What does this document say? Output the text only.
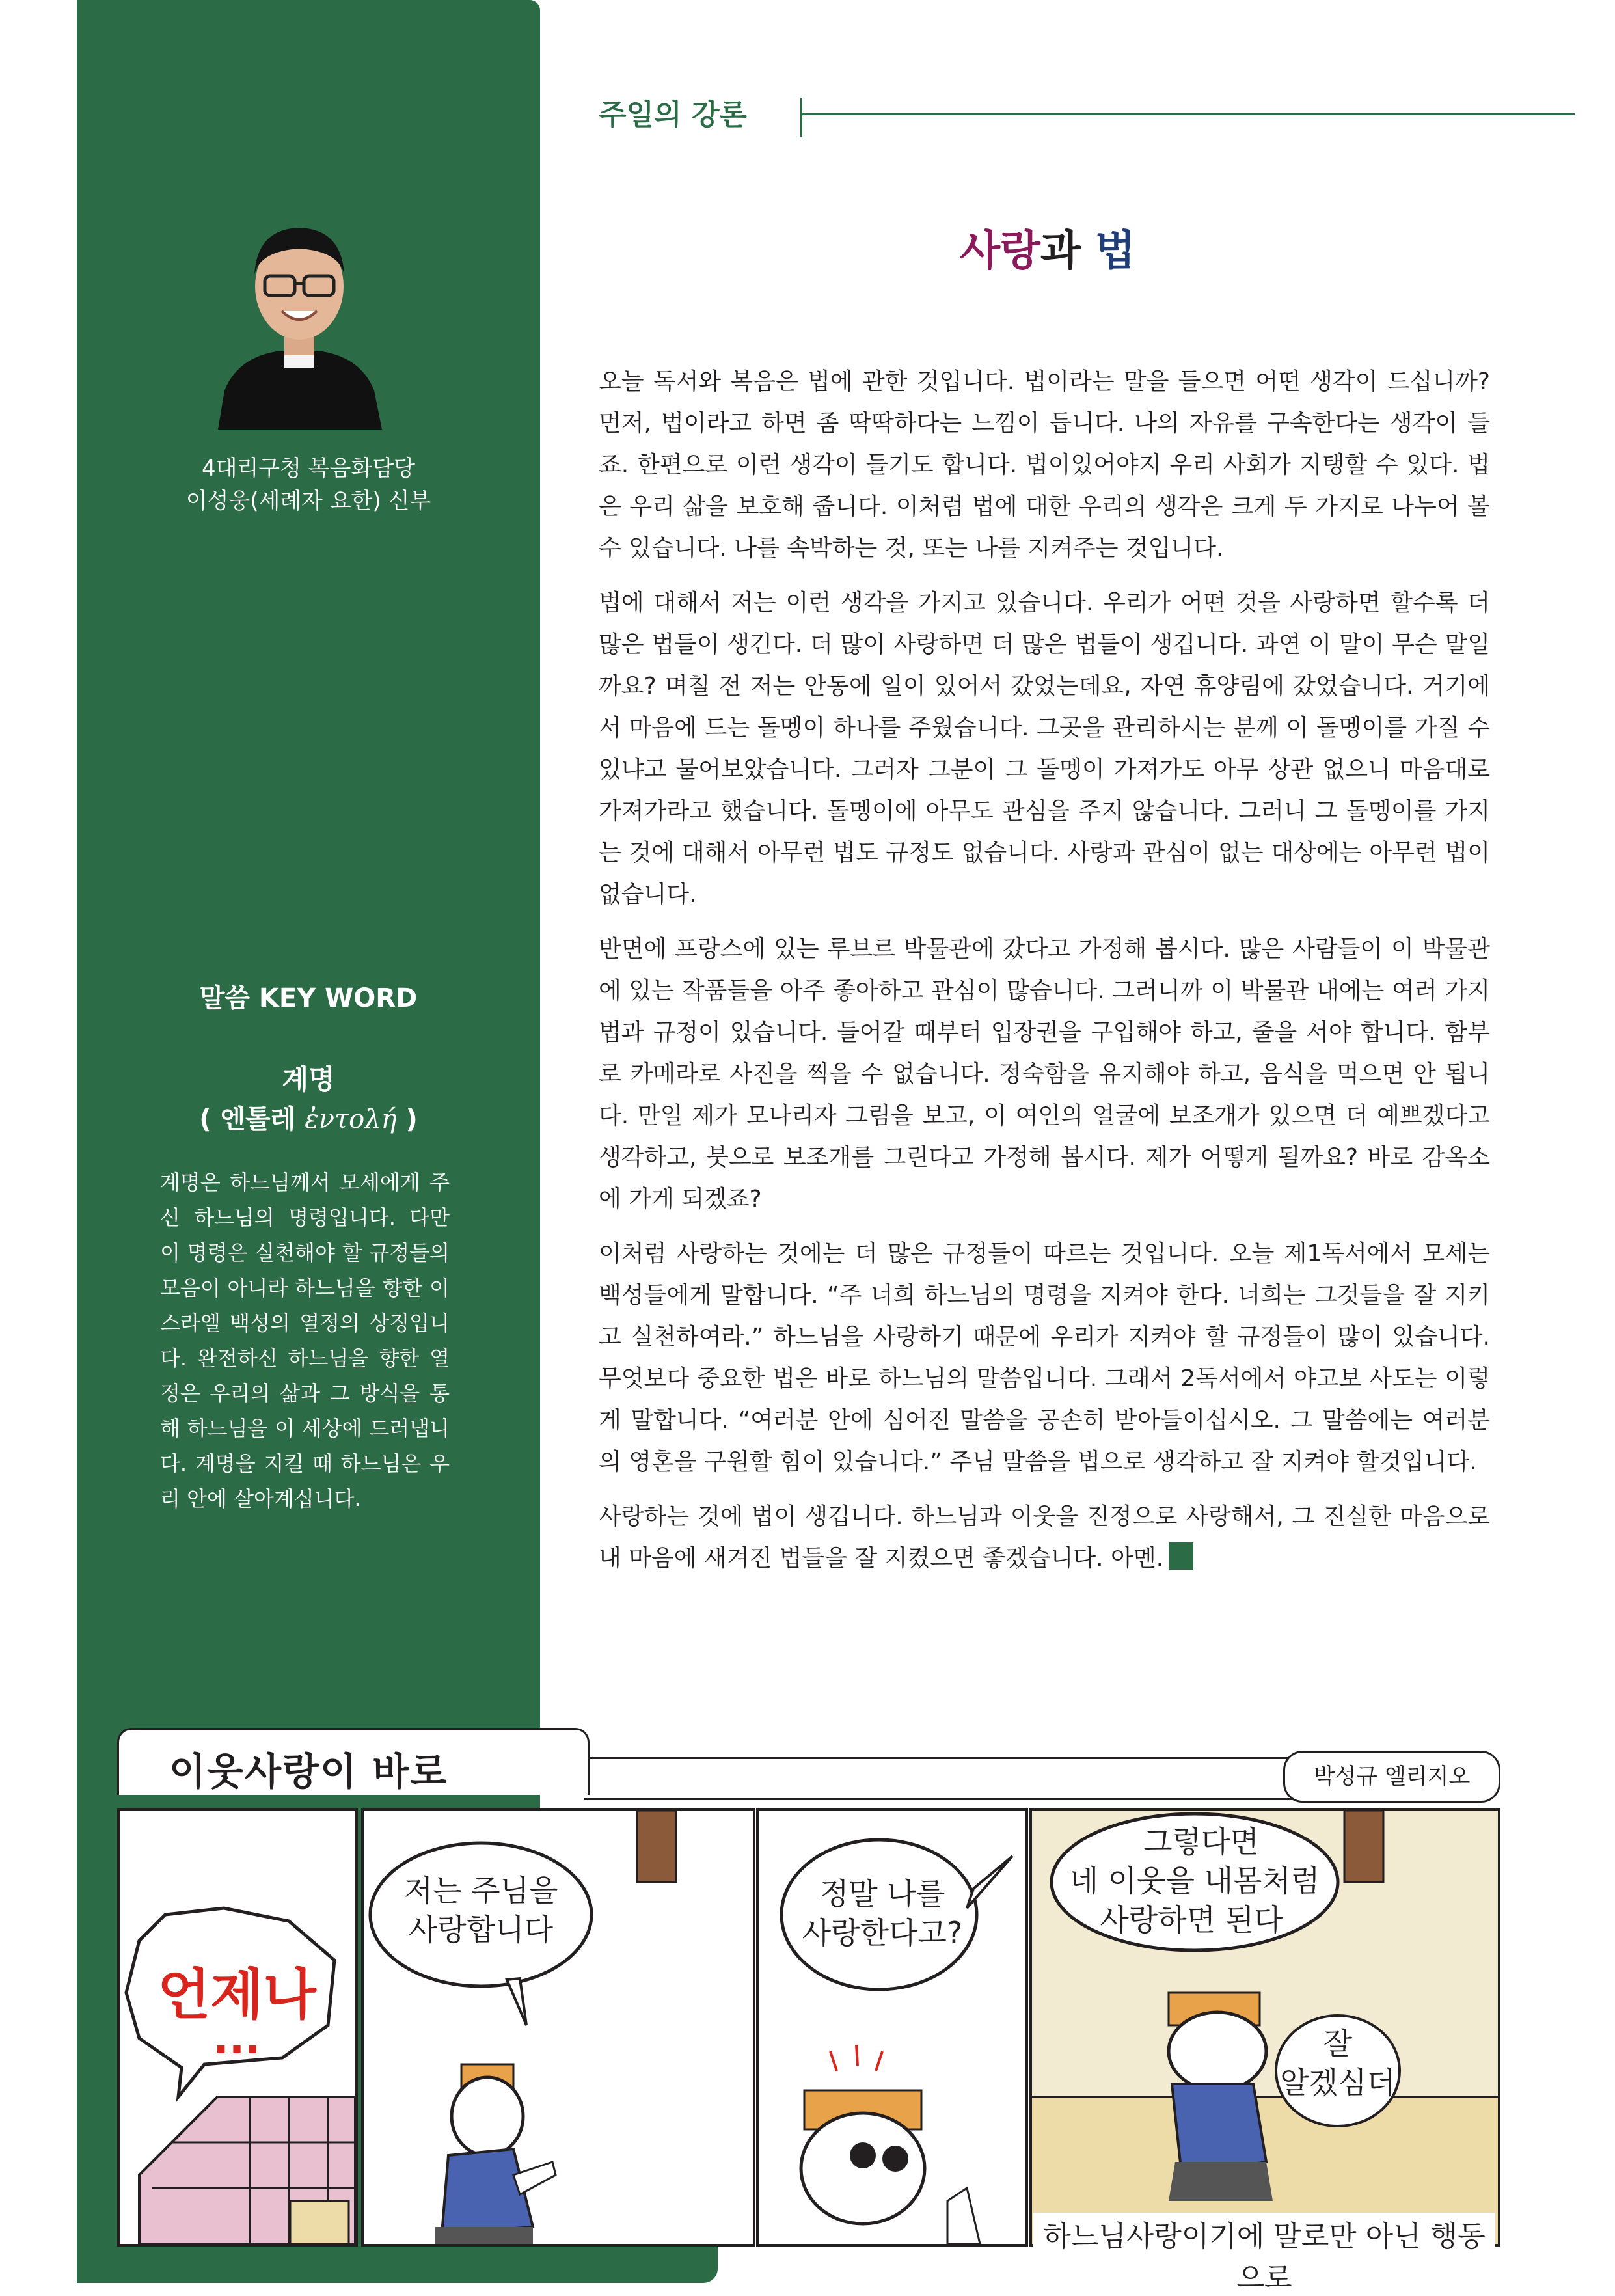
4대리구청 복음화담당
이성웅(세례자 요한) 신부
말씀 KEY WORD
계명
( 엔톨레 ἐντολή )
계명은 하느님께서 모세에게 주신 하느님의 명령입니다. 다만 이 명령은 실천해야 할 규정들의 모음이 아니라 하느님을 향한 이스라엘 백성의 열정의 상징입니다. 완전하신 하느님을 향한 열정은 우리의 삶과 그 방식을 통해 하느님을 이 세상에 드러냅니다. 계명을 지킬 때 하느님은 우리 안에 살아계십니다.
주일의 강론
사랑과 법

오늘 독서와 복음은 법에 관한 것입니다. 법이라는 말을 들으면 어떤 생각이 드십니까? 먼저, 법이라고 하면 좀 딱딱하다는 느낌이 듭니다. 나의 자유를 구속한다는 생각이 들죠. 한편으로 이런 생각이 들기도 합니다. 법이있어야지 우리 사회가 지탱할 수 있다. 법은 우리 삶을 보호해 줍니다. 이처럼 법에 대한 우리의 생각은 크게 두 가지로 나누어 볼 수 있습니다. 나를 속박하는 것, 또는 나를 지켜주는 것입니다.

법에 대해서 저는 이런 생각을 가지고 있습니다. 우리가 어떤 것을 사랑하면 할수록 더 많은 법들이 생긴다. 더 많이 사랑하면 더 많은 법들이 생깁니다. 과연 이 말이 무슨 말일까요? 며칠 전 저는 안동에 일이 있어서 갔었는데요, 자연 휴양림에 갔었습니다. 거기에서 마음에 드는 돌멩이 하나를 주웠습니다. 그곳을 관리하시는 분께 이 돌멩이를 가질 수 있냐고 물어보았습니다. 그러자 그분이 그 돌멩이 가져가도 아무 상관 없으니 마음대로 가져가라고 했습니다. 돌멩이에 아무도 관심을 주지 않습니다. 그러니 그 돌멩이를 가지는 것에 대해서 아무런 법도 규정도 없습니다. 사랑과 관심이 없는 대상에는 아무런 법이 없습니다.

반면에 프랑스에 있는 루브르 박물관에 갔다고 가정해 봅시다. 많은 사람들이 이 박물관에 있는 작품들을 아주 좋아하고 관심이 많습니다. 그러니까 이 박물관 내에는 여러 가지 법과 규정이 있습니다. 들어갈 때부터 입장권을 구입해야 하고, 줄을 서야 합니다. 함부로 카메라로 사진을 찍을 수 없습니다. 정숙함을 유지해야 하고, 음식을 먹으면 안 됩니다. 만일 제가 모나리자 그림을 보고, 이 여인의 얼굴에 보조개가 있으면 더 예쁘겠다고 생각하고, 붓으로 보조개를 그린다고 가정해 봅시다. 제가 어떻게 될까요? 바로 감옥소에 가게 되겠죠?

이처럼 사랑하는 것에는 더 많은 규정들이 따르는 것입니다. 오늘 제1독서에서 모세는 백성들에게 말합니다. “주 너희 하느님의 명령을 지켜야 한다. 너희는 그것들을 잘 지키고 실천하여라.” 하느님을 사랑하기 때문에 우리가 지켜야 할 규정들이 많이 있습니다. 무엇보다 중요한 법은 바로 하느님의 말씀입니다. 그래서 2독서에서 야고보 사도는 이렇게 말합니다. “여러분 안에 심어진 말씀을 공손히 받아들이십시오. 그 말씀에는 여러분의 영혼을 구원할 힘이 있습니다.” 주님 말씀을 법으로 생각하고 잘 지켜야 할것입니다.

사랑하는 것에 법이 생깁니다. 하느님과 이웃을 진정으로 사랑해서, 그 진실한 마음으로 내 마음에 새겨진 법들을 잘 지켰으면 좋겠습니다. 아멘.

이웃사랑이 바로	박성규 엘리지오
언제나
...
저는 주님을
사랑합니다
정말 나를
사랑한다고?
그렇다면
네 이웃을 내몸처럼
사랑하면 된다
잘
알겠심더
하느님사랑이기에 말로만 아닌 행동으로
